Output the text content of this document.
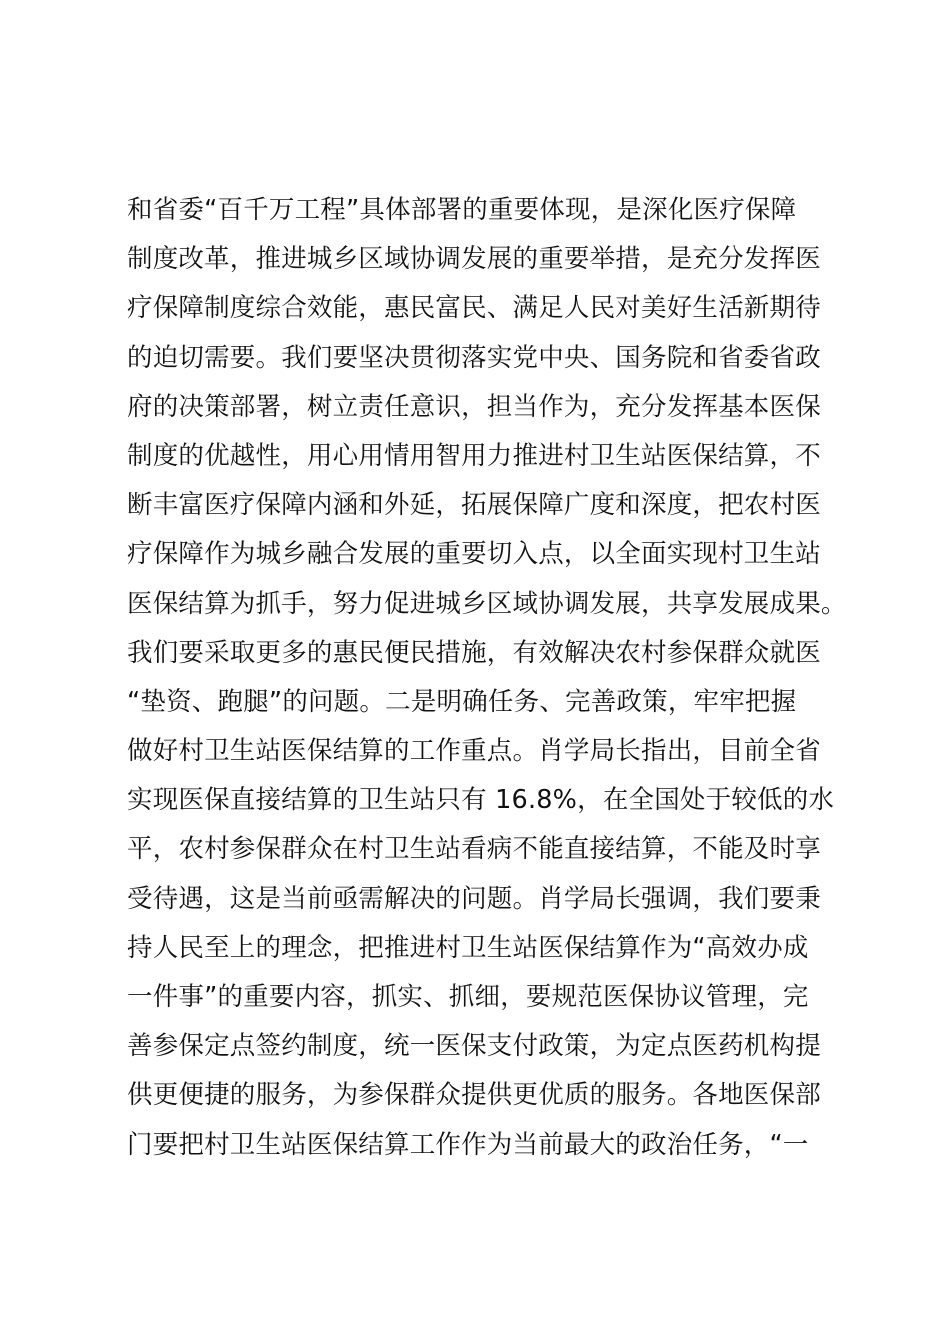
和省委“百千万工程”具体部署的重要体现，是深化医疗保障
制度改革，推进城乡区域协调发展的重要举措，是充分发挥医
疗保障制度综合效能，惠民富民、满足人民对美好生活新期待
的迫切需要。我们要坚决贯彻落实党中央、国务院和省委省政
府的决策部署，树立责任意识，担当作为，充分发挥基本医保
制度的优越性，用心用情用智用力推进村卫生站医保结算，不
断丰富医疗保障内涵和外延，拓展保障广度和深度，把农村医
疗保障作为城乡融合发展的重要切入点，以全面实现村卫生站
医保结算为抓手，努力促进城乡区域协调发展，共享发展成果。
我们要采取更多的惠民便民措施，有效解决农村参保群众就医
“垫资、跑腿”的问题。二是明确任务、完善政策，牢牢把握
做好村卫生站医保结算的工作重点。肖学局长指出，目前全省
实现医保直接结算的卫生站只有 16.8%，在全国处于较低的水
平，农村参保群众在村卫生站看病不能直接结算，不能及时享
受待遇，这是当前亟需解决的问题。肖学局长强调，我们要秉
持人民至上的理念，把推进村卫生站医保结算作为“高效办成
一件事”的重要内容，抓实、抓细，要规范医保协议管理，完
善参保定点签约制度，统一医保支付政策，为定点医药机构提
供更便捷的服务，为参保群众提供更优质的服务。各地医保部
门要把村卫生站医保结算工作作为当前最大的政治任务，“一
